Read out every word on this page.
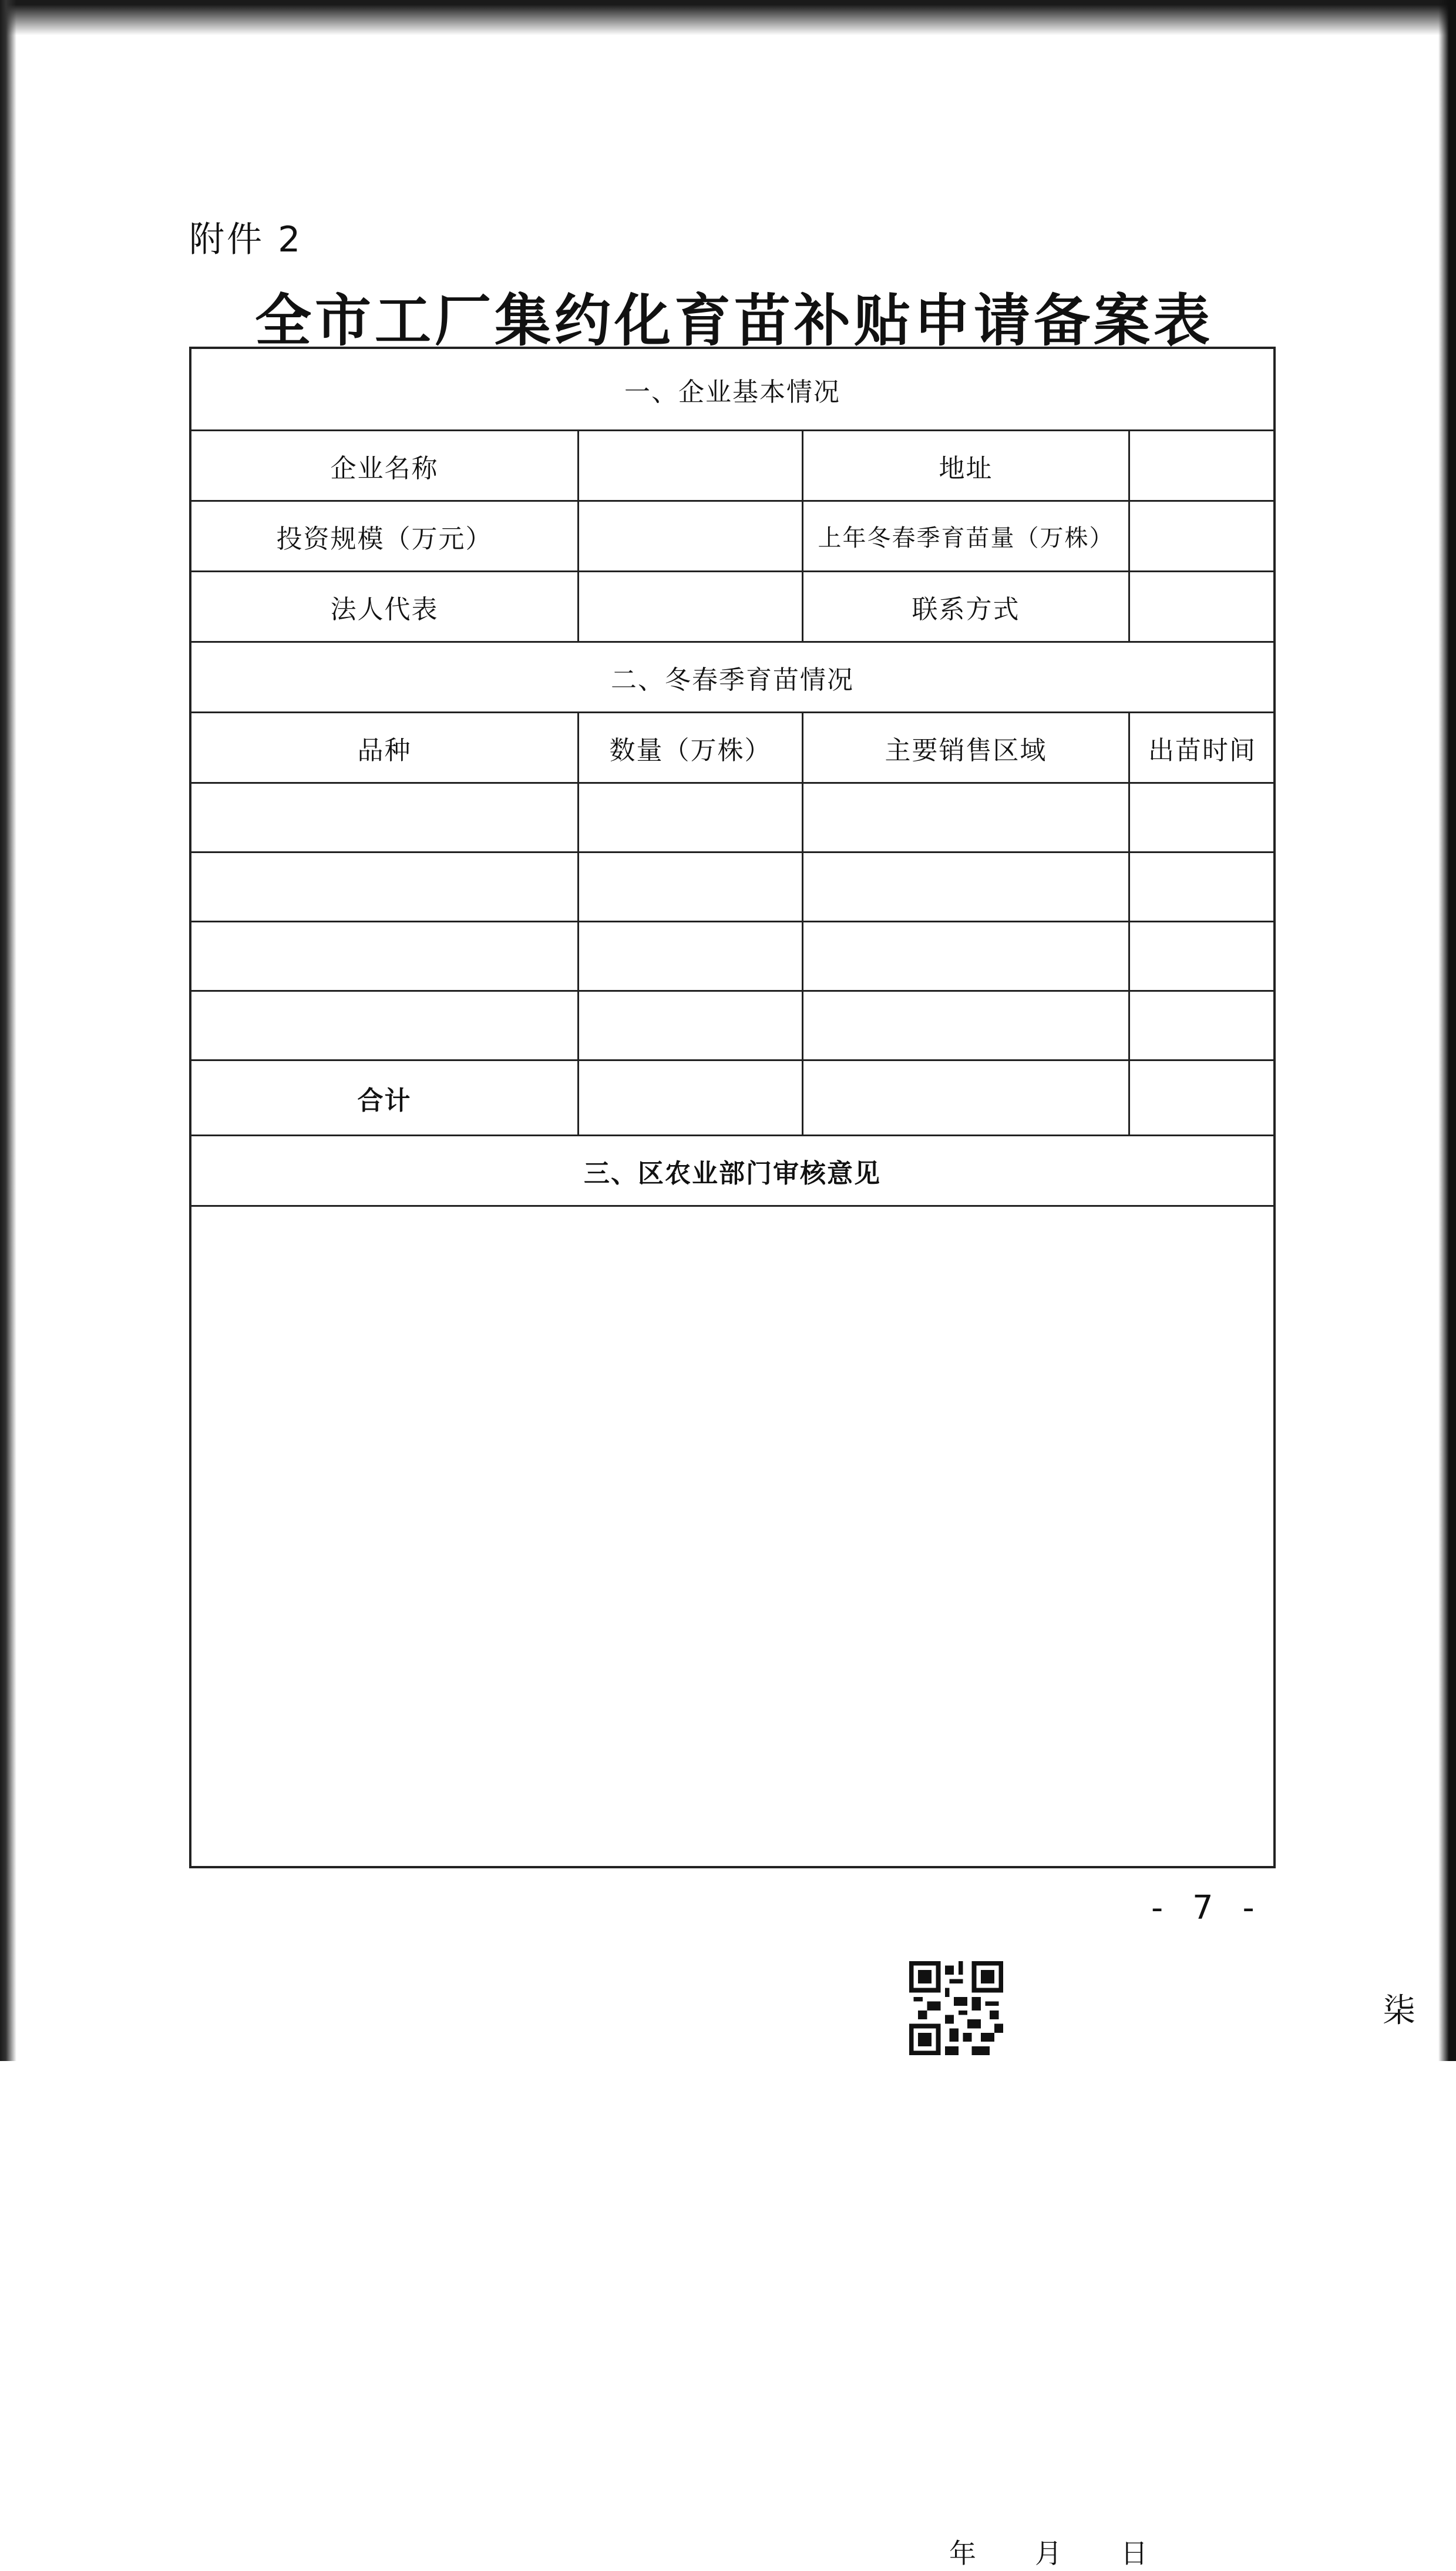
附件 2
全市工厂集约化育苗补贴申请备案表
一、企业基本情况
企业名称	地址
投资规模（万元）	上年冬春季育苗量（万株）
法人代表	联系方式
二、冬春季育苗情况
品种	数量（万株）	主要销售区域	出苗时间
合计
三、区农业部门审核意见
年 月 日
- 7 -
柒
